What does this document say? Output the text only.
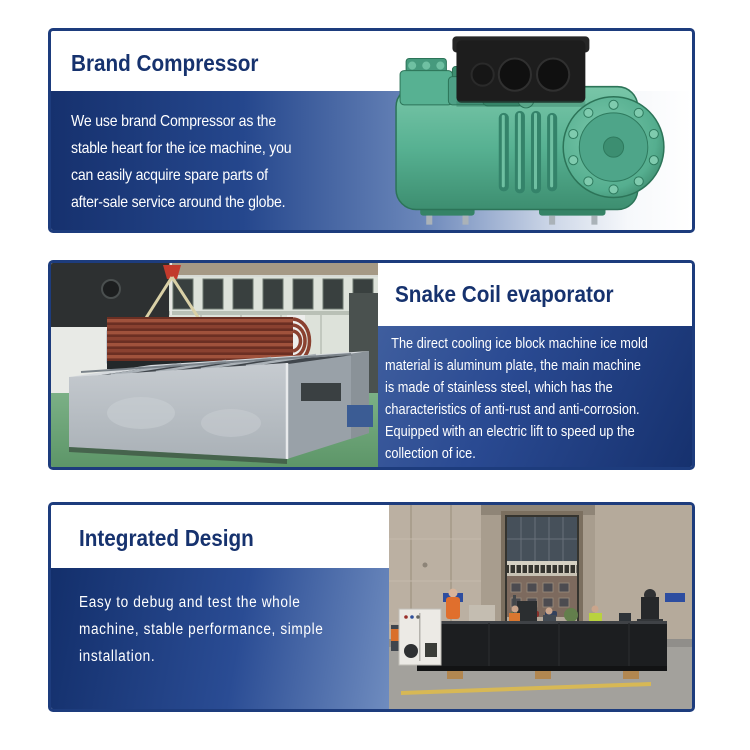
Brand Compressor
We use brand Compressor as the
stable heart for the ice machine, you
can easily acquire spare parts of
after-sale service around the globe.
Snake Coil evaporator
The direct cooling ice block machine ice mold
material is aluminum plate, the main machine
is made of stainless steel, which has the
characteristics of anti-rust and anti-corrosion.
Equipped with an electric lift to speed up the
collection of ice.
Integrated Design
Easy to debug and test the whole
machine, stable performance, simple
installation.
